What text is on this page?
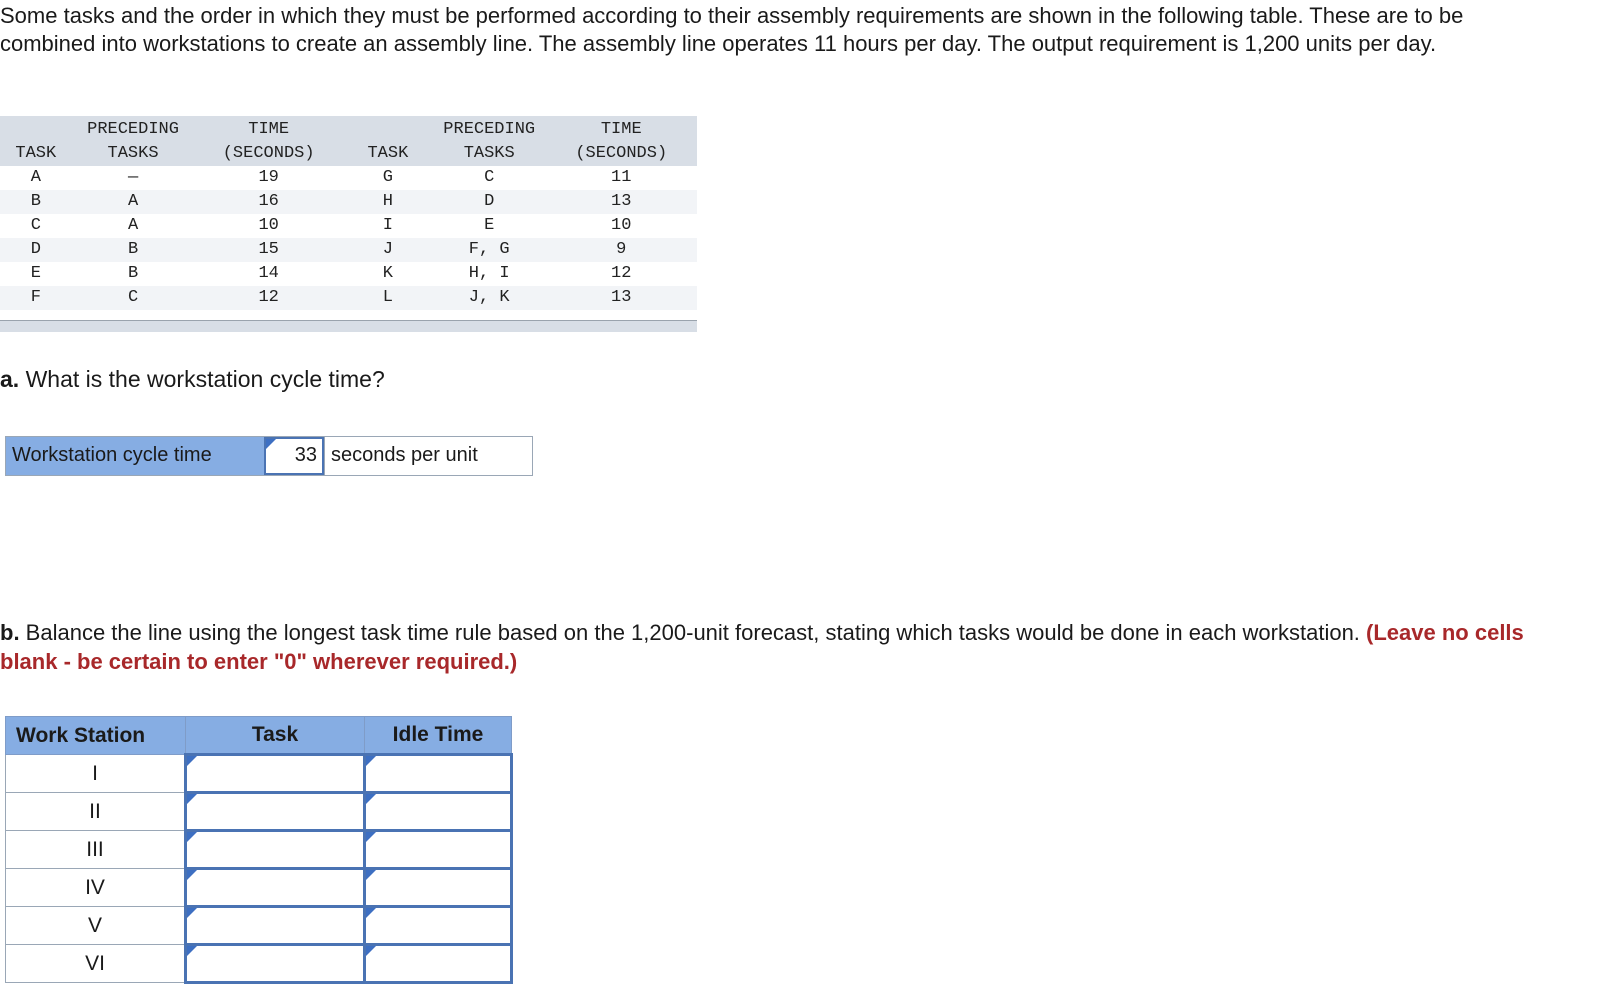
Some tasks and the order in which they must be performed according to their assembly requirements are shown in the following table. These are to be combined into workstations to create an assembly line. The assembly line operates 11 hours per day. The output requirement is 1,200 units per day.
	PRECEDING	TIME		PRECEDING	TIME
TASK	TASKS	(SECONDS)	TASK	TASKS	(SECONDS)
A	—	19	G	C	11
B	A	16	H	D	13
C	A	10	I	E	10
D	B	15	J	F, G	9
E	B	14	K	H, I	12
F	C	12	L	J, K	13
a. What is the workstation cycle time?
Workstation cycle time	33 seconds per unit
b. Balance the line using the longest task time rule based on the 1,200-unit forecast, stating which tasks would be done in each workstation. (Leave no cells blank - be certain to enter "0" wherever required.)
Work Station	Task	Idle Time
I	

II	

III	

IV	

V	

VI	
